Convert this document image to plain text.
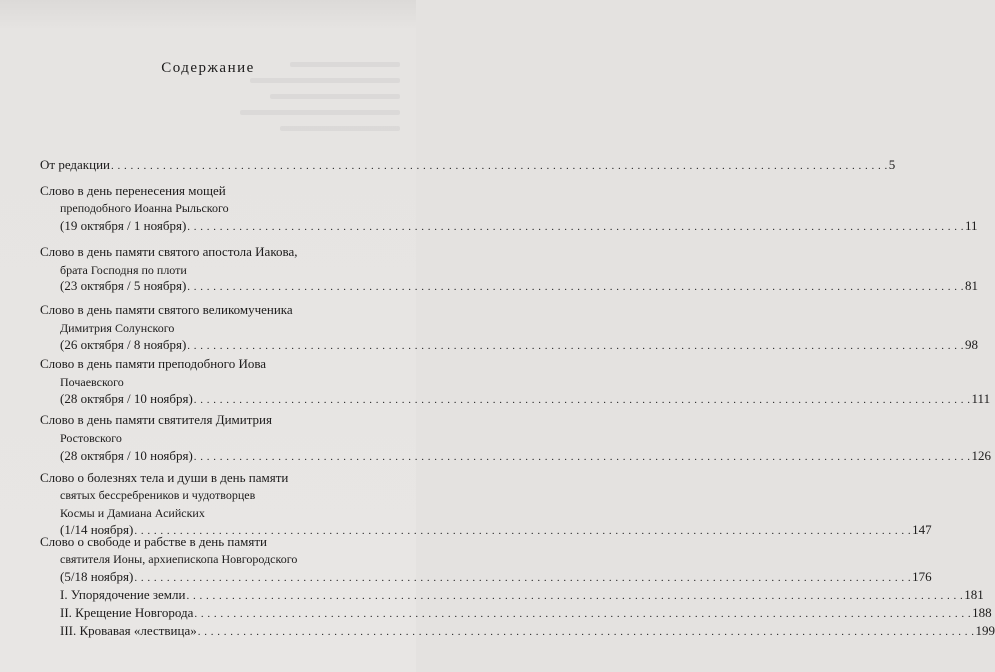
Содержание
От редакции . . . . . . . . . . . . . . . . . . . . . . . . . . . . . . . . . . . . . . . . . . . . . . . . . . . . . . . . . . . . . . . . . . . . . . . . . . . . . . . . . . . . . . . . . . . . . . . . . . . . . . . . . . . . . . . . . . . . . . . . 5
Слово в день перенесения мощей
преподобного Иоанна Рыльского
(19 октября / 1 ноября) . . . . . . . . . . . . . . . . . . . . . . . . . . . . . . . . . . . . . . . . . . . . . . . . . . . . . . . . . . . . . . . . . . . . . . . . . . . . . . . . . . . . . . . . . . . . . . . . . . . . . . . . . . . . . . . . . . . . . . . . 11
Слово в день памяти святого апостола Иакова,
брата Господня по плоти
(23 октября / 5 ноября) . . . . . . . . . . . . . . . . . . . . . . . . . . . . . . . . . . . . . . . . . . . . . . . . . . . . . . . . . . . . . . . . . . . . . . . . . . . . . . . . . . . . . . . . . . . . . . . . . . . . . . . . . . . . . . . . . . . . . . . . 81
Слово в день памяти святого великомученика
Димитрия Солунского
(26 октября / 8 ноября) . . . . . . . . . . . . . . . . . . . . . . . . . . . . . . . . . . . . . . . . . . . . . . . . . . . . . . . . . . . . . . . . . . . . . . . . . . . . . . . . . . . . . . . . . . . . . . . . . . . . . . . . . . . . . . . . . . . . . . . . 98
Слово в день памяти преподобного Иова
Почаевского
(28 октября / 10 ноября) . . . . . . . . . . . . . . . . . . . . . . . . . . . . . . . . . . . . . . . . . . . . . . . . . . . . . . . . . . . . . . . . . . . . . . . . . . . . . . . . . . . . . . . . . . . . . . . . . . . . . . . . . . . . . . . . . . . . . . . . 111
Слово в день памяти святителя Димитрия
Ростовского
(28 октября / 10 ноября) . . . . . . . . . . . . . . . . . . . . . . . . . . . . . . . . . . . . . . . . . . . . . . . . . . . . . . . . . . . . . . . . . . . . . . . . . . . . . . . . . . . . . . . . . . . . . . . . . . . . . . . . . . . . . . . . . . . . . . . . 126
Слово о болезнях тела и души в день памяти
святых бессребреников и чудотворцев
Космы и Дамиана Асийских
(1/14 ноября) . . . . . . . . . . . . . . . . . . . . . . . . . . . . . . . . . . . . . . . . . . . . . . . . . . . . . . . . . . . . . . . . . . . . . . . . . . . . . . . . . . . . . . . . . . . . . . . . . . . . . . . . . . . . . . . . . . . . . . . . 147
Слово о свободе и рабстве в день памяти
святителя Ионы, архиепископа Новгородского
(5/18 ноября) . . . . . . . . . . . . . . . . . . . . . . . . . . . . . . . . . . . . . . . . . . . . . . . . . . . . . . . . . . . . . . . . . . . . . . . . . . . . . . . . . . . . . . . . . . . . . . . . . . . . . . . . . . . . . . . . . . . . . . . . 176
I. Упорядочение земли . . . . . . . . . . . . . . . . . . . . . . . . . . . . . . . . . . . . . . . . . . . . . . . . . . . . . . . . . . . . . . . . . . . . . . . . . . . . . . . . . . . . . . . . . . . . . . . . . . . . . . . . . . . . . . . . . . . . . . . . 181
II. Крещение Новгорода . . . . . . . . . . . . . . . . . . . . . . . . . . . . . . . . . . . . . . . . . . . . . . . . . . . . . . . . . . . . . . . . . . . . . . . . . . . . . . . . . . . . . . . . . . . . . . . . . . . . . . . . . . . . . . . . . . . . . . . . 188
III. Кровавая «лествица» . . . . . . . . . . . . . . . . . . . . . . . . . . . . . . . . . . . . . . . . . . . . . . . . . . . . . . . . . . . . . . . . . . . . . . . . . . . . . . . . . . . . . . . . . . . . . . . . . . . . . . . . . . . . . . . . . . . . . . . . 199
